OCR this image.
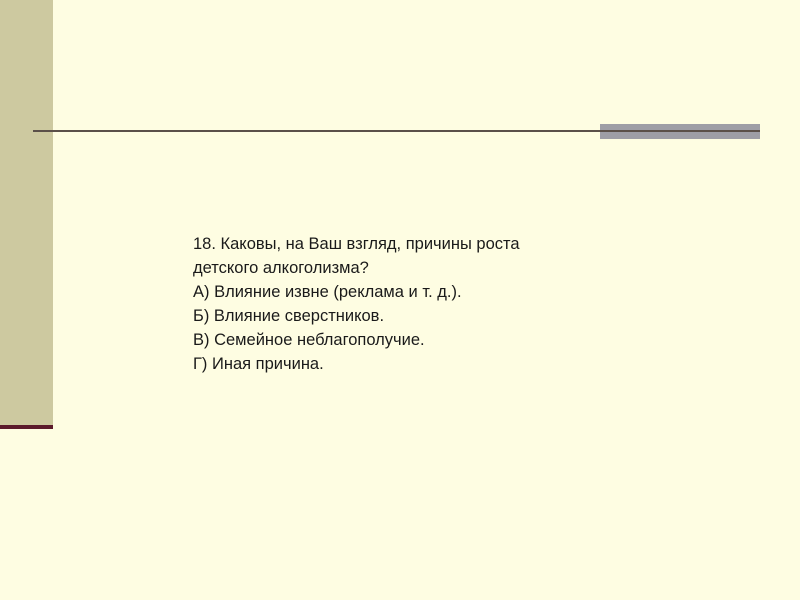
18. Каковы, на Ваш взгляд, причины роста
детского алкоголизма?
А) Влияние извне (реклама и т. д.).
Б) Влияние сверстников.
В) Семейное неблагополучие.
Г) Иная причина.
